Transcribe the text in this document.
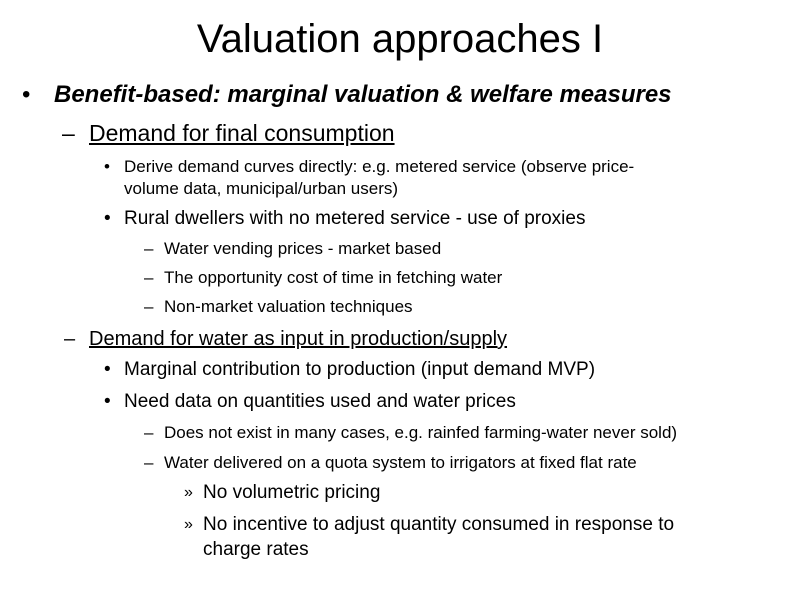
Valuation approaches I
• Benefit-based: marginal valuation & welfare measures
– Demand for final consumption
• Derive demand curves directly: e.g. metered service (observe price-
volume data, municipal/urban users)
• Rural dwellers with no metered service - use of proxies
– Water vending prices - market based
– The opportunity cost of time in fetching water
– Non-market valuation techniques
– Demand for water as input in production/supply
• Marginal contribution to production (input demand MVP)
• Need data on quantities used and water prices
– Does not exist in many cases, e.g. rainfed farming-water never sold)
– Water delivered on a quota system to irrigators at fixed flat rate
» No volumetric pricing
» No incentive to adjust quantity consumed in response to
charge rates
